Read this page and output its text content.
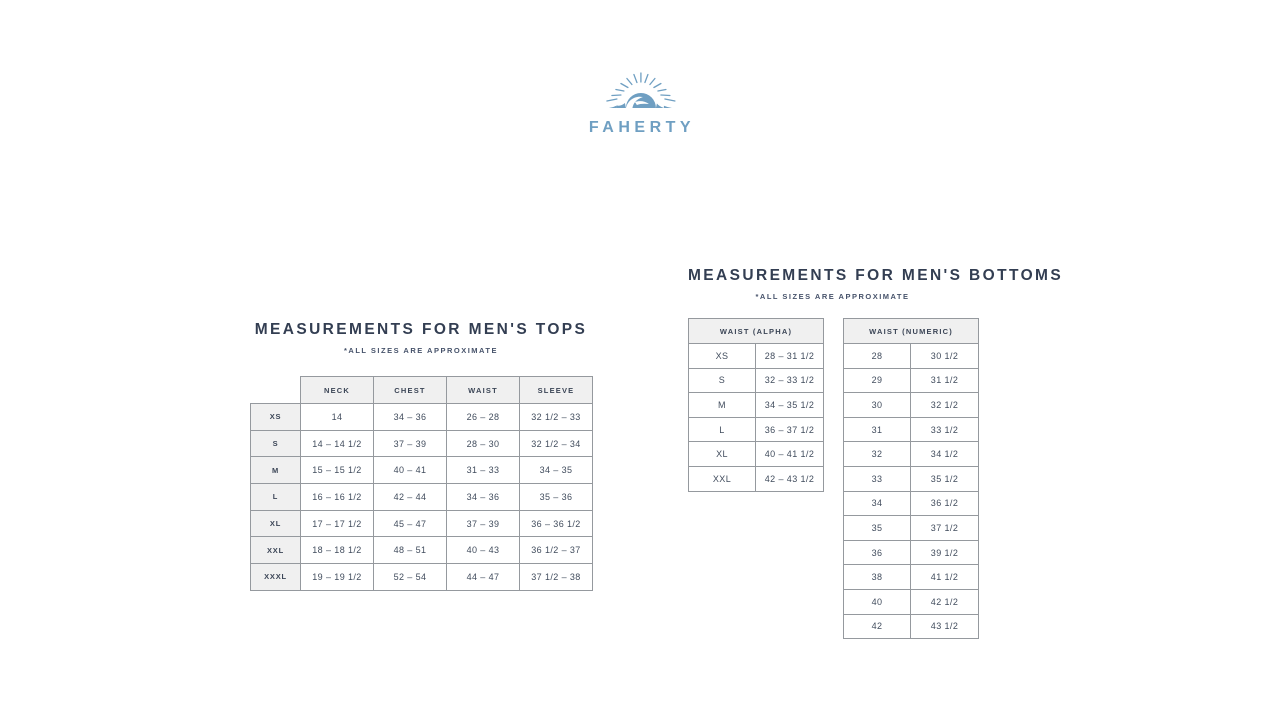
FAHERTY
MEASUREMENTS FOR MEN'S TOPS
*ALL SIZES ARE APPROXIMATE
	NECK	CHEST	WAIST	SLEEVE
XS	14	34 – 36	26 – 28	32 1/2 – 33
S	14 – 14 1/2	37 – 39	28 – 30	32 1/2 – 34
M	15 – 15 1/2	40 – 41	31 – 33	34 – 35
L	16 – 16 1/2	42 – 44	34 – 36	35 – 36
XL	17 – 17 1/2	45 – 47	37 – 39	36 – 36 1/2
XXL	18 – 18 1/2	48 – 51	40 – 43	36 1/2 – 37
XXXL	19 – 19 1/2	52 – 54	44 – 47	37 1/2 – 38
MEASUREMENTS FOR MEN'S BOTTOMS
*ALL SIZES ARE APPROXIMATE
WAIST (ALPHA)	
XS	28 – 31 1/2
S	32 – 33 1/2
M	34 – 35 1/2
L	36 – 37 1/2
XL	40 – 41 1/2
XXL	42 – 43 1/2
WAIST (NUMERIC)	
28	30 1/2
29	31 1/2
30	32 1/2
31	33 1/2
32	34 1/2
33	35 1/2
34	36 1/2
35	37 1/2
36	39 1/2
38	41 1/2
40	42 1/2
42	43 1/2
